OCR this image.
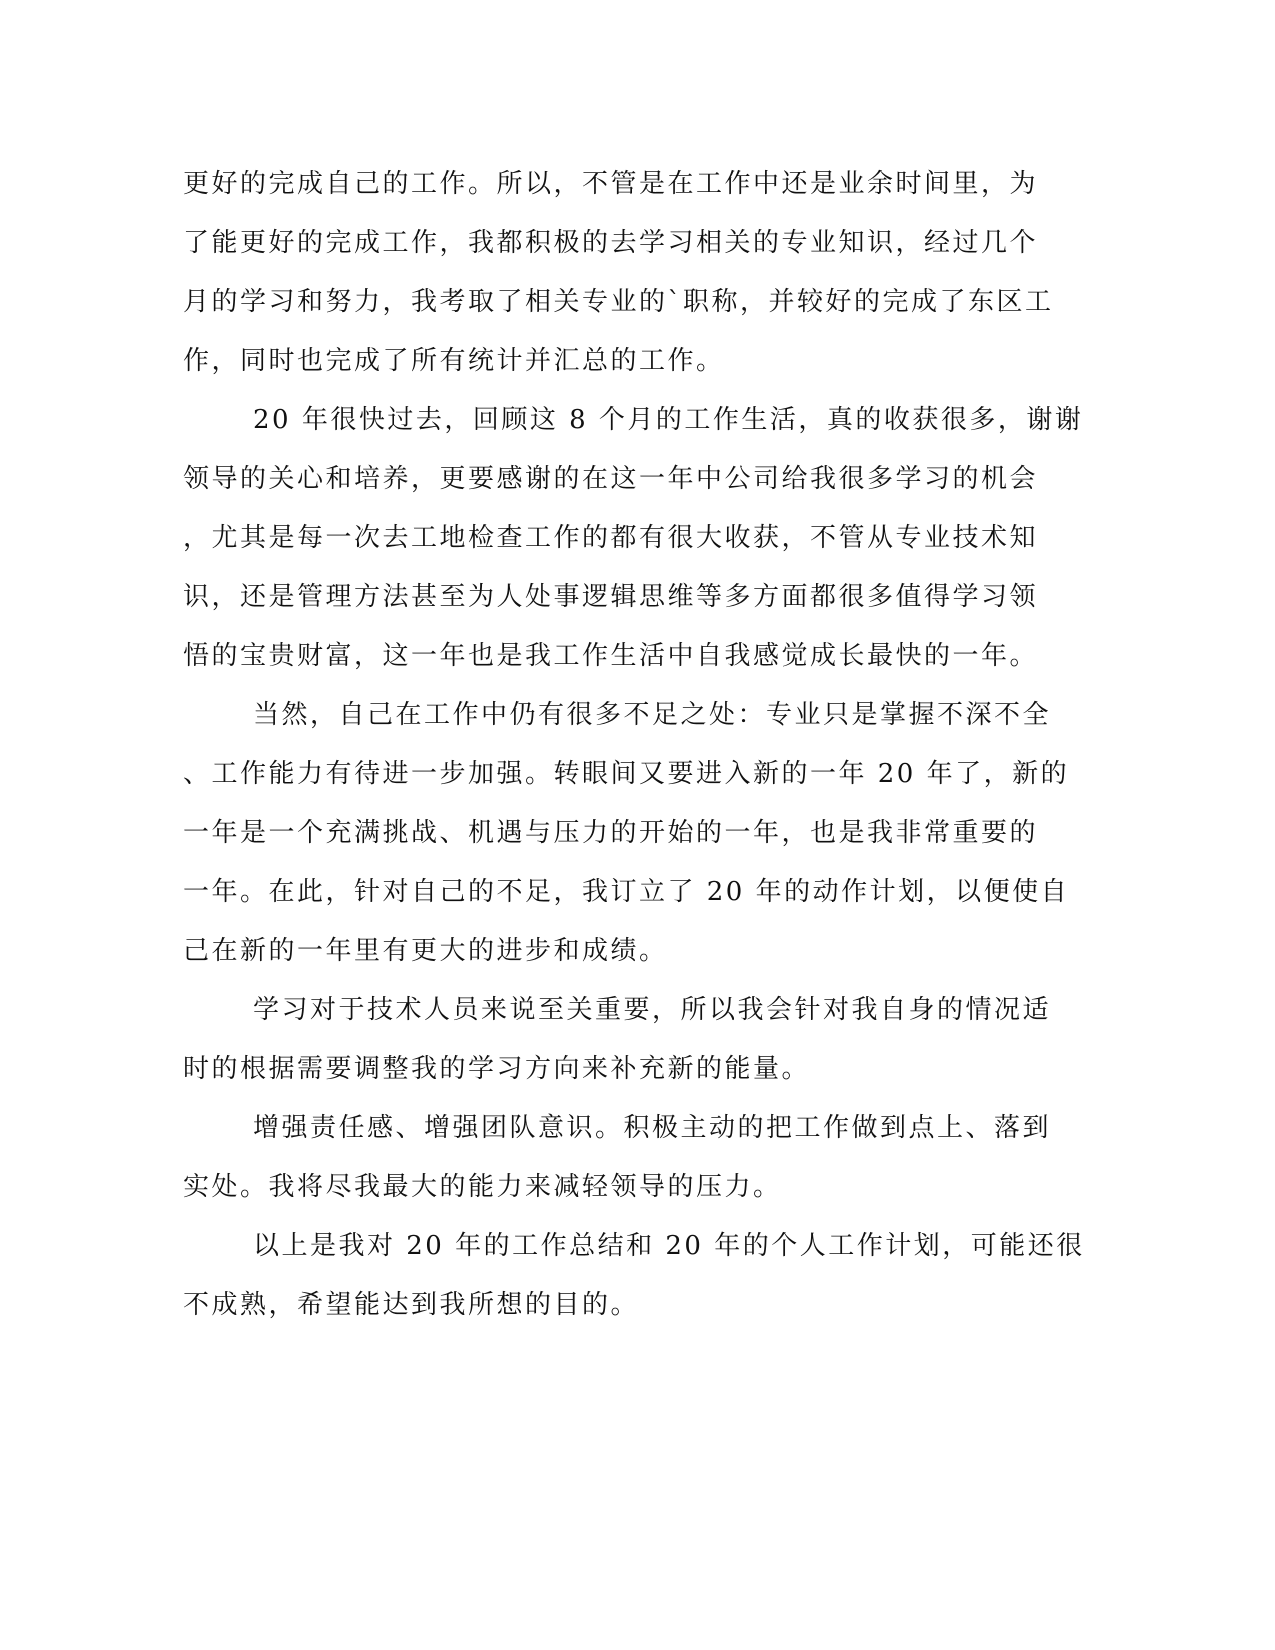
更好的完成自己的工作。所以，不管是在工作中还是业余时间里，为
了能更好的完成工作，我都积极的去学习相关的专业知识，经过几个
月的学习和努力，我考取了相关专业的`职称，并较好的完成了东区工
作，同时也完成了所有统计并汇总的工作。
20 年很快过去，回顾这 8 个月的工作生活，真的收获很多，谢谢
领导的关心和培养，更要感谢的在这一年中公司给我很多学习的机会
，尤其是每一次去工地检查工作的都有很大收获，不管从专业技术知
识，还是管理方法甚至为人处事逻辑思维等多方面都很多值得学习领
悟的宝贵财富，这一年也是我工作生活中自我感觉成长最快的一年。
当然，自己在工作中仍有很多不足之处：专业只是掌握不深不全
、工作能力有待进一步加强。转眼间又要进入新的一年 20 年了，新的
一年是一个充满挑战、机遇与压力的开始的一年，也是我非常重要的
一年。在此，针对自己的不足，我订立了 20 年的动作计划，以便使自
己在新的一年里有更大的进步和成绩。
学习对于技术人员来说至关重要，所以我会针对我自身的情况适
时的根据需要调整我的学习方向来补充新的能量。
增强责任感、增强团队意识。积极主动的把工作做到点上、落到
实处。我将尽我最大的能力来减轻领导的压力。
以上是我对 20 年的工作总结和 20 年的个人工作计划，可能还很
不成熟，希望能达到我所想的目的。
